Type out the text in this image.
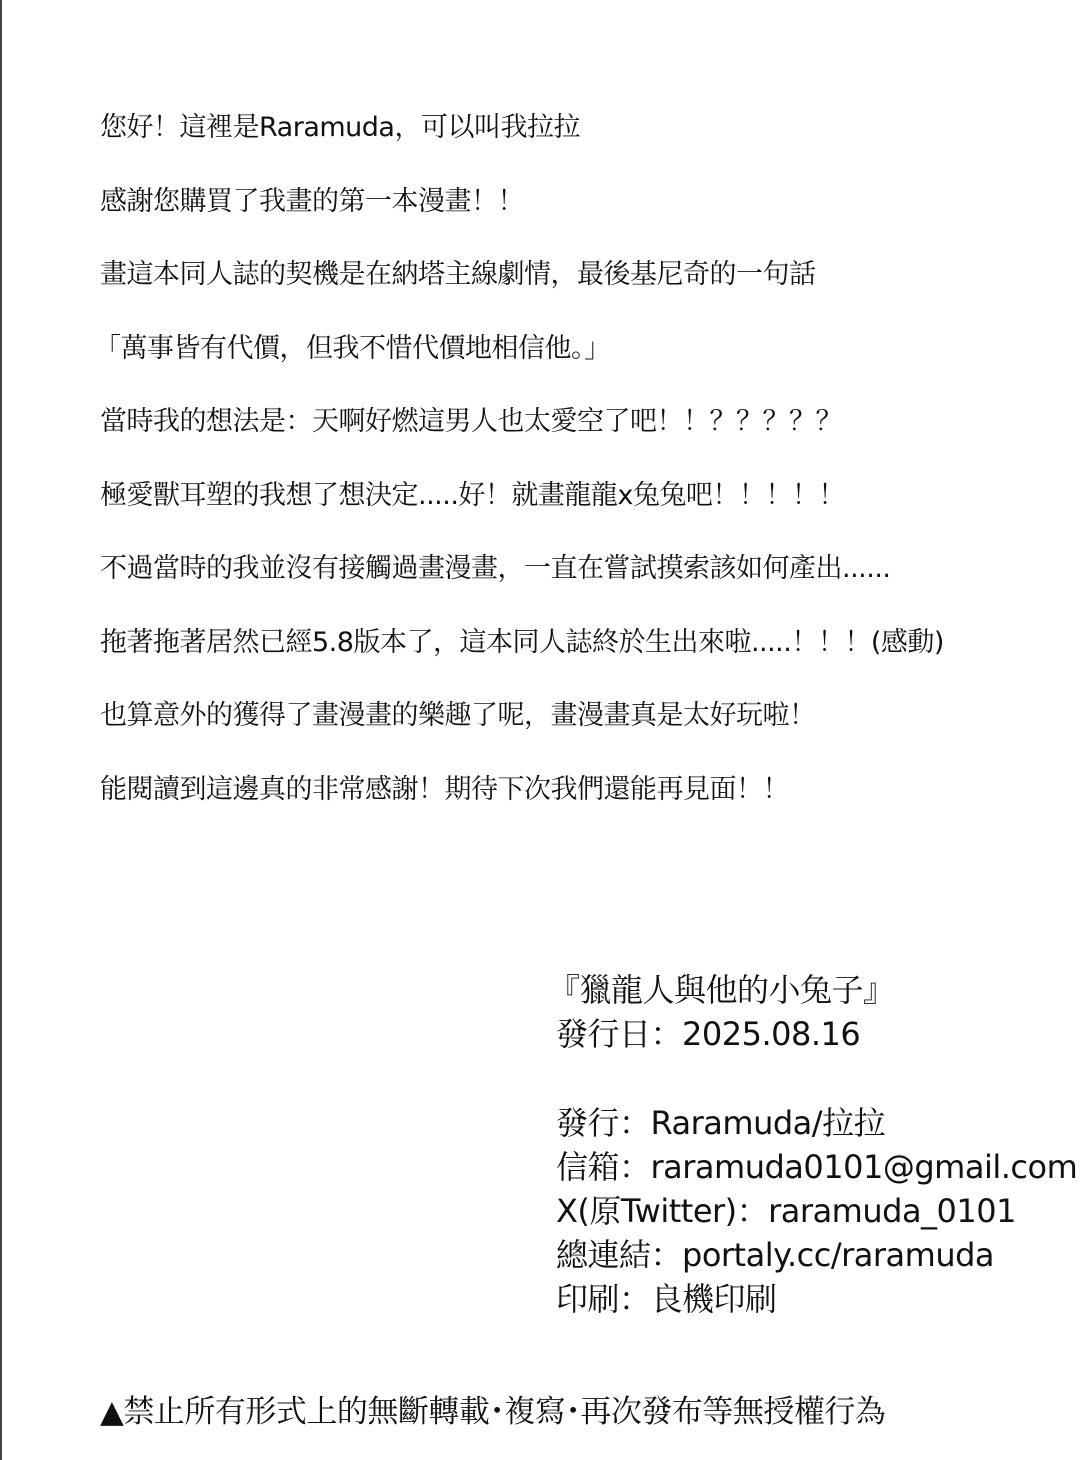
您好！這裡是Raramuda，可以叫我拉拉
感謝您購買了我畫的第一本漫畫！！
畫這本同人誌的契機是在納塔主線劇情，最後基尼奇的一句話
「萬事皆有代價，但我不惜代價地相信他。」
當時我的想法是：天啊好燃這男人也太愛空了吧！！？？？？？
極愛獸耳塑的我想了想決定.....好！就畫龍龍x兔兔吧！！！！！
不過當時的我並沒有接觸過畫漫畫，一直在嘗試摸索該如何產出......
拖著拖著居然已經5.8版本了，這本同人誌終於生出來啦.....！！！(感動)
也算意外的獲得了畫漫畫的樂趣了呢，畫漫畫真是太好玩啦！
能閱讀到這邊真的非常感謝！期待下次我們還能再見面！！
『獵龍人與他的小兔子』
發行日：2025.08.16
發行：Raramuda/拉拉
信箱：raramuda0101@gmail.com
X(原Twitter)：raramuda_0101
總連結：portaly.cc/raramuda
印刷：良機印刷
▲禁止所有形式上的無斷轉載･複寫･再次發布等無授權行為
